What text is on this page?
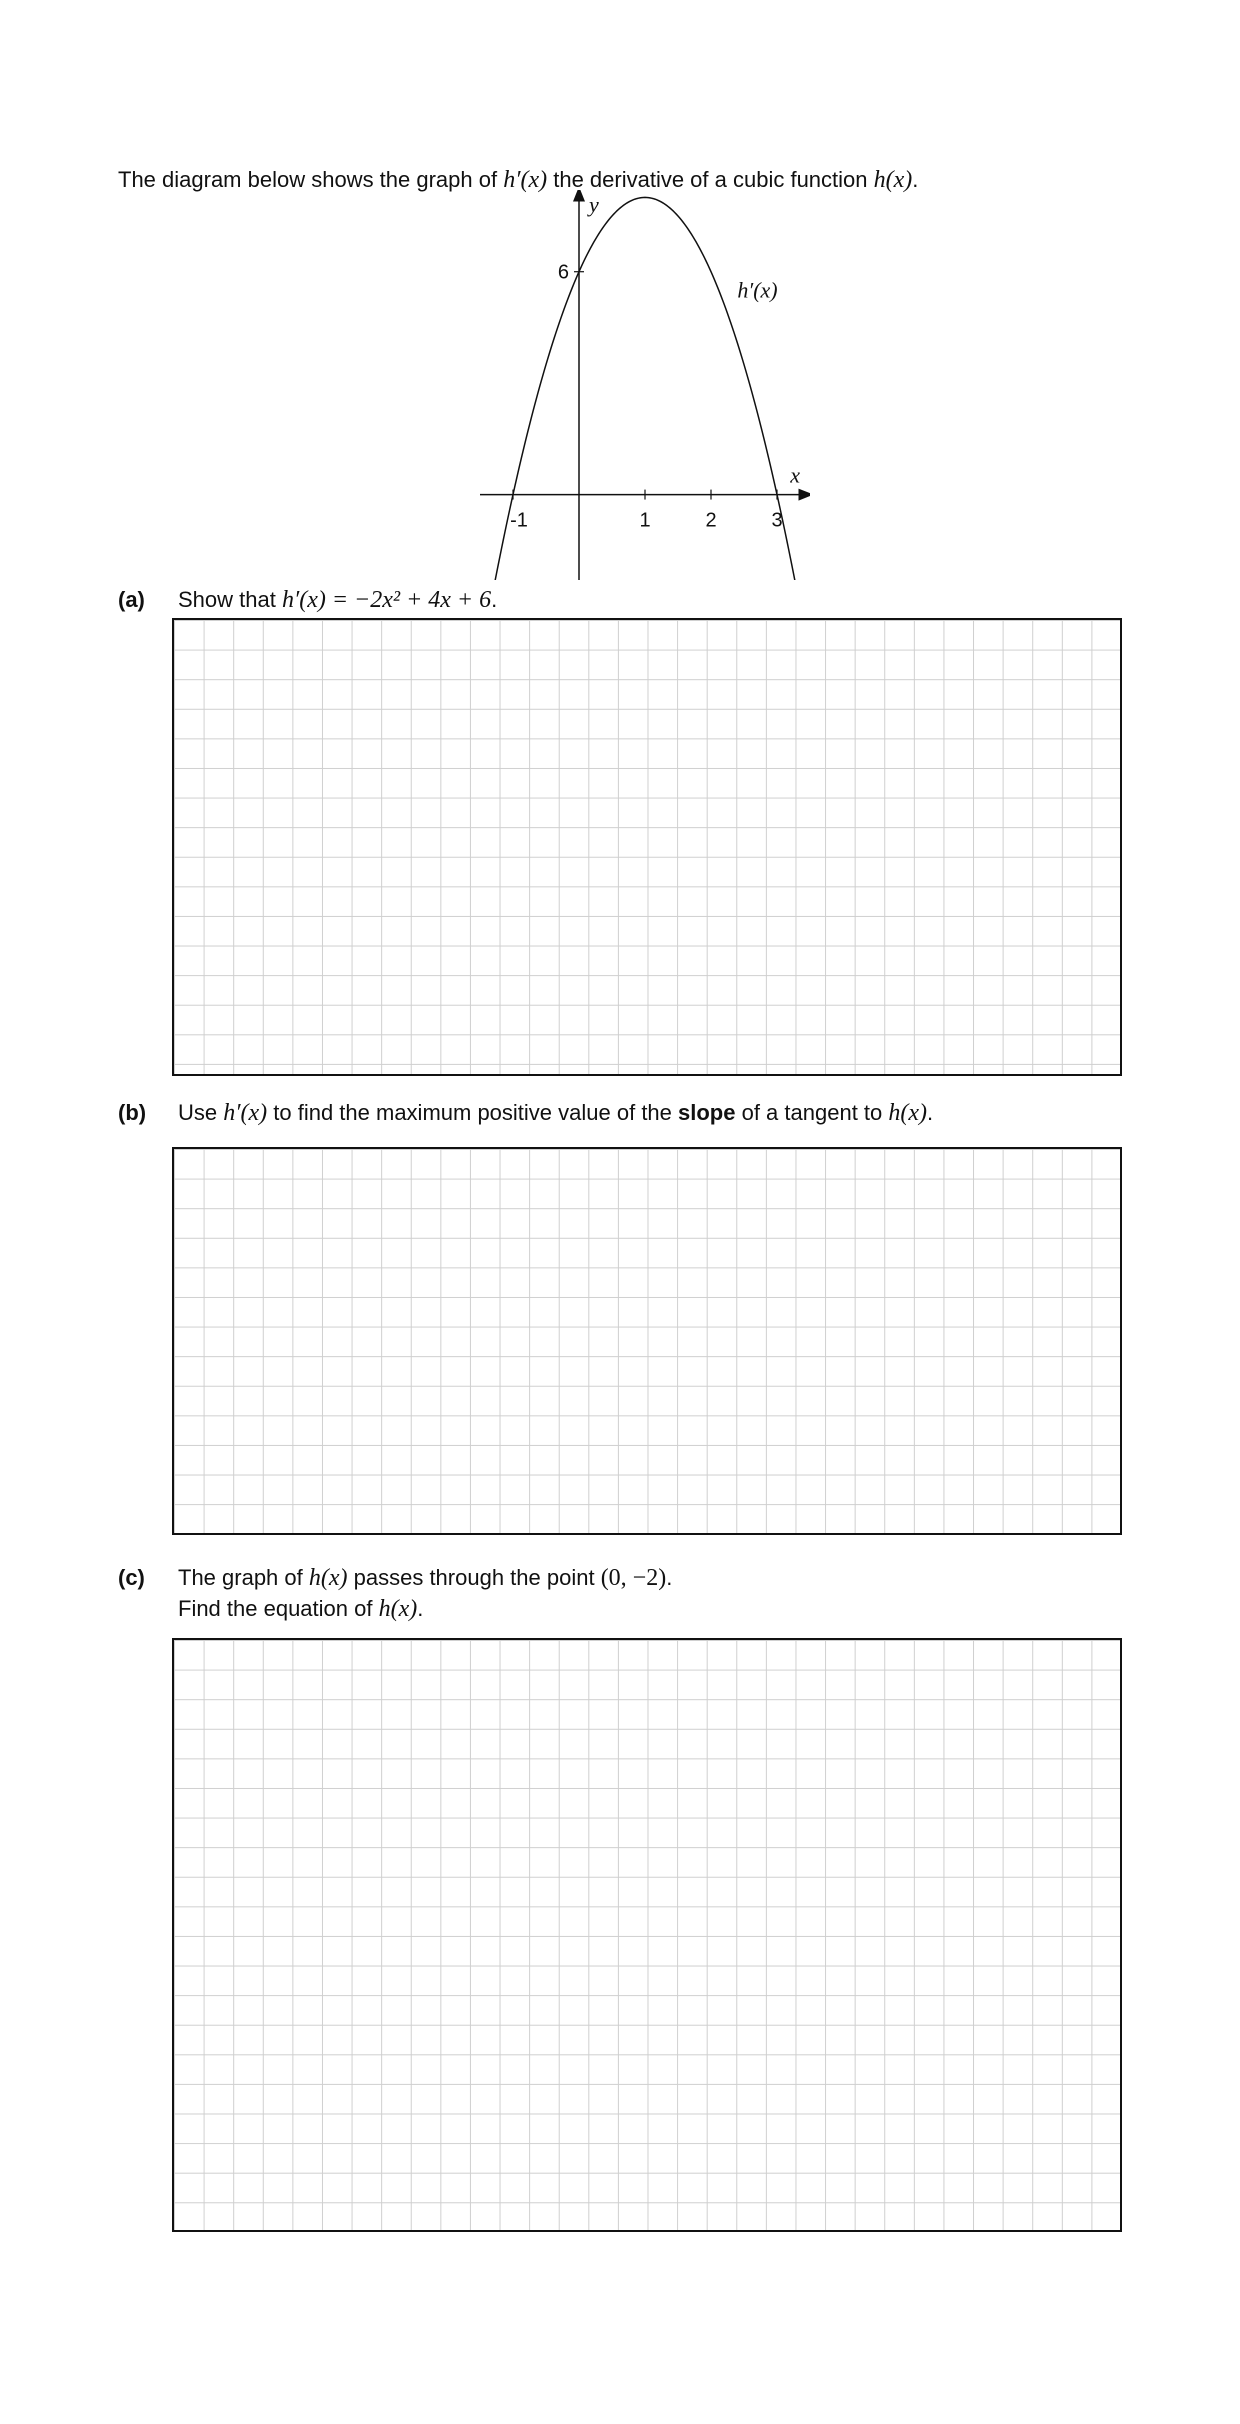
The diagram below shows the graph of h′(x) the derivative of a cubic function h(x).
-1	1	2	3
6
x
y
h′(x)
(a) Show that h′(x) = −2x² + 4x + 6.
(b) Use h′(x) to find the maximum positive value of the slope of a tangent to h(x).
(c) The graph of h(x) passes through the point (0, −2).
Find the equation of h(x).
